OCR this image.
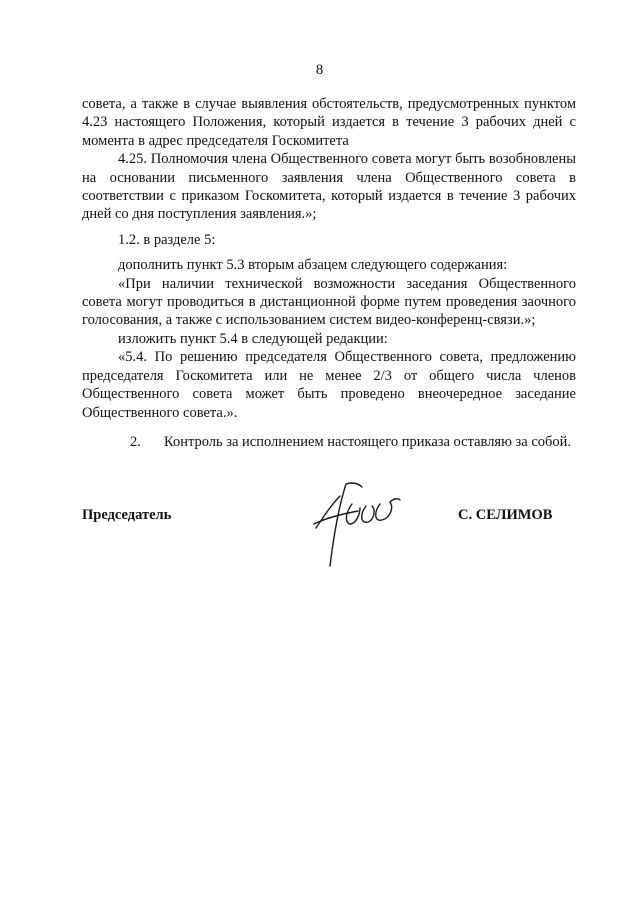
8

совета, а также в случае выявления обстоятельств, предусмотренных пунктом 4.23 настоящего Положения, который издается в течение 3 рабочих дней с момента в адрес председателя Госкомитета

4.25. Полномочия члена Общественного совета могут быть возобновлены на основании письменного заявления члена Общественного совета в соответствии с приказом Госкомитета, который издается в течение 3 рабочих дней со дня поступления заявления.»;

1.2. в разделе 5:

дополнить пункт 5.3 вторым абзацем следующего содержания:

«При наличии технической возможности заседания Общественного совета могут проводиться в дистанционной форме путем проведения заочного голосования, а также с использованием систем видео-конференц-связи.»;

изложить пункт 5.4 в следующей редакции:

«5.4. По решению председателя Общественного совета, предложению председателя Госкомитета или не менее 2/3 от общего числа членов Общественного совета может быть проведено внеочередное заседание Общественного совета.».

2. Контроль за исполнением настоящего приказа оставляю за собой.

Председатель	С. СЕЛИМОВ
